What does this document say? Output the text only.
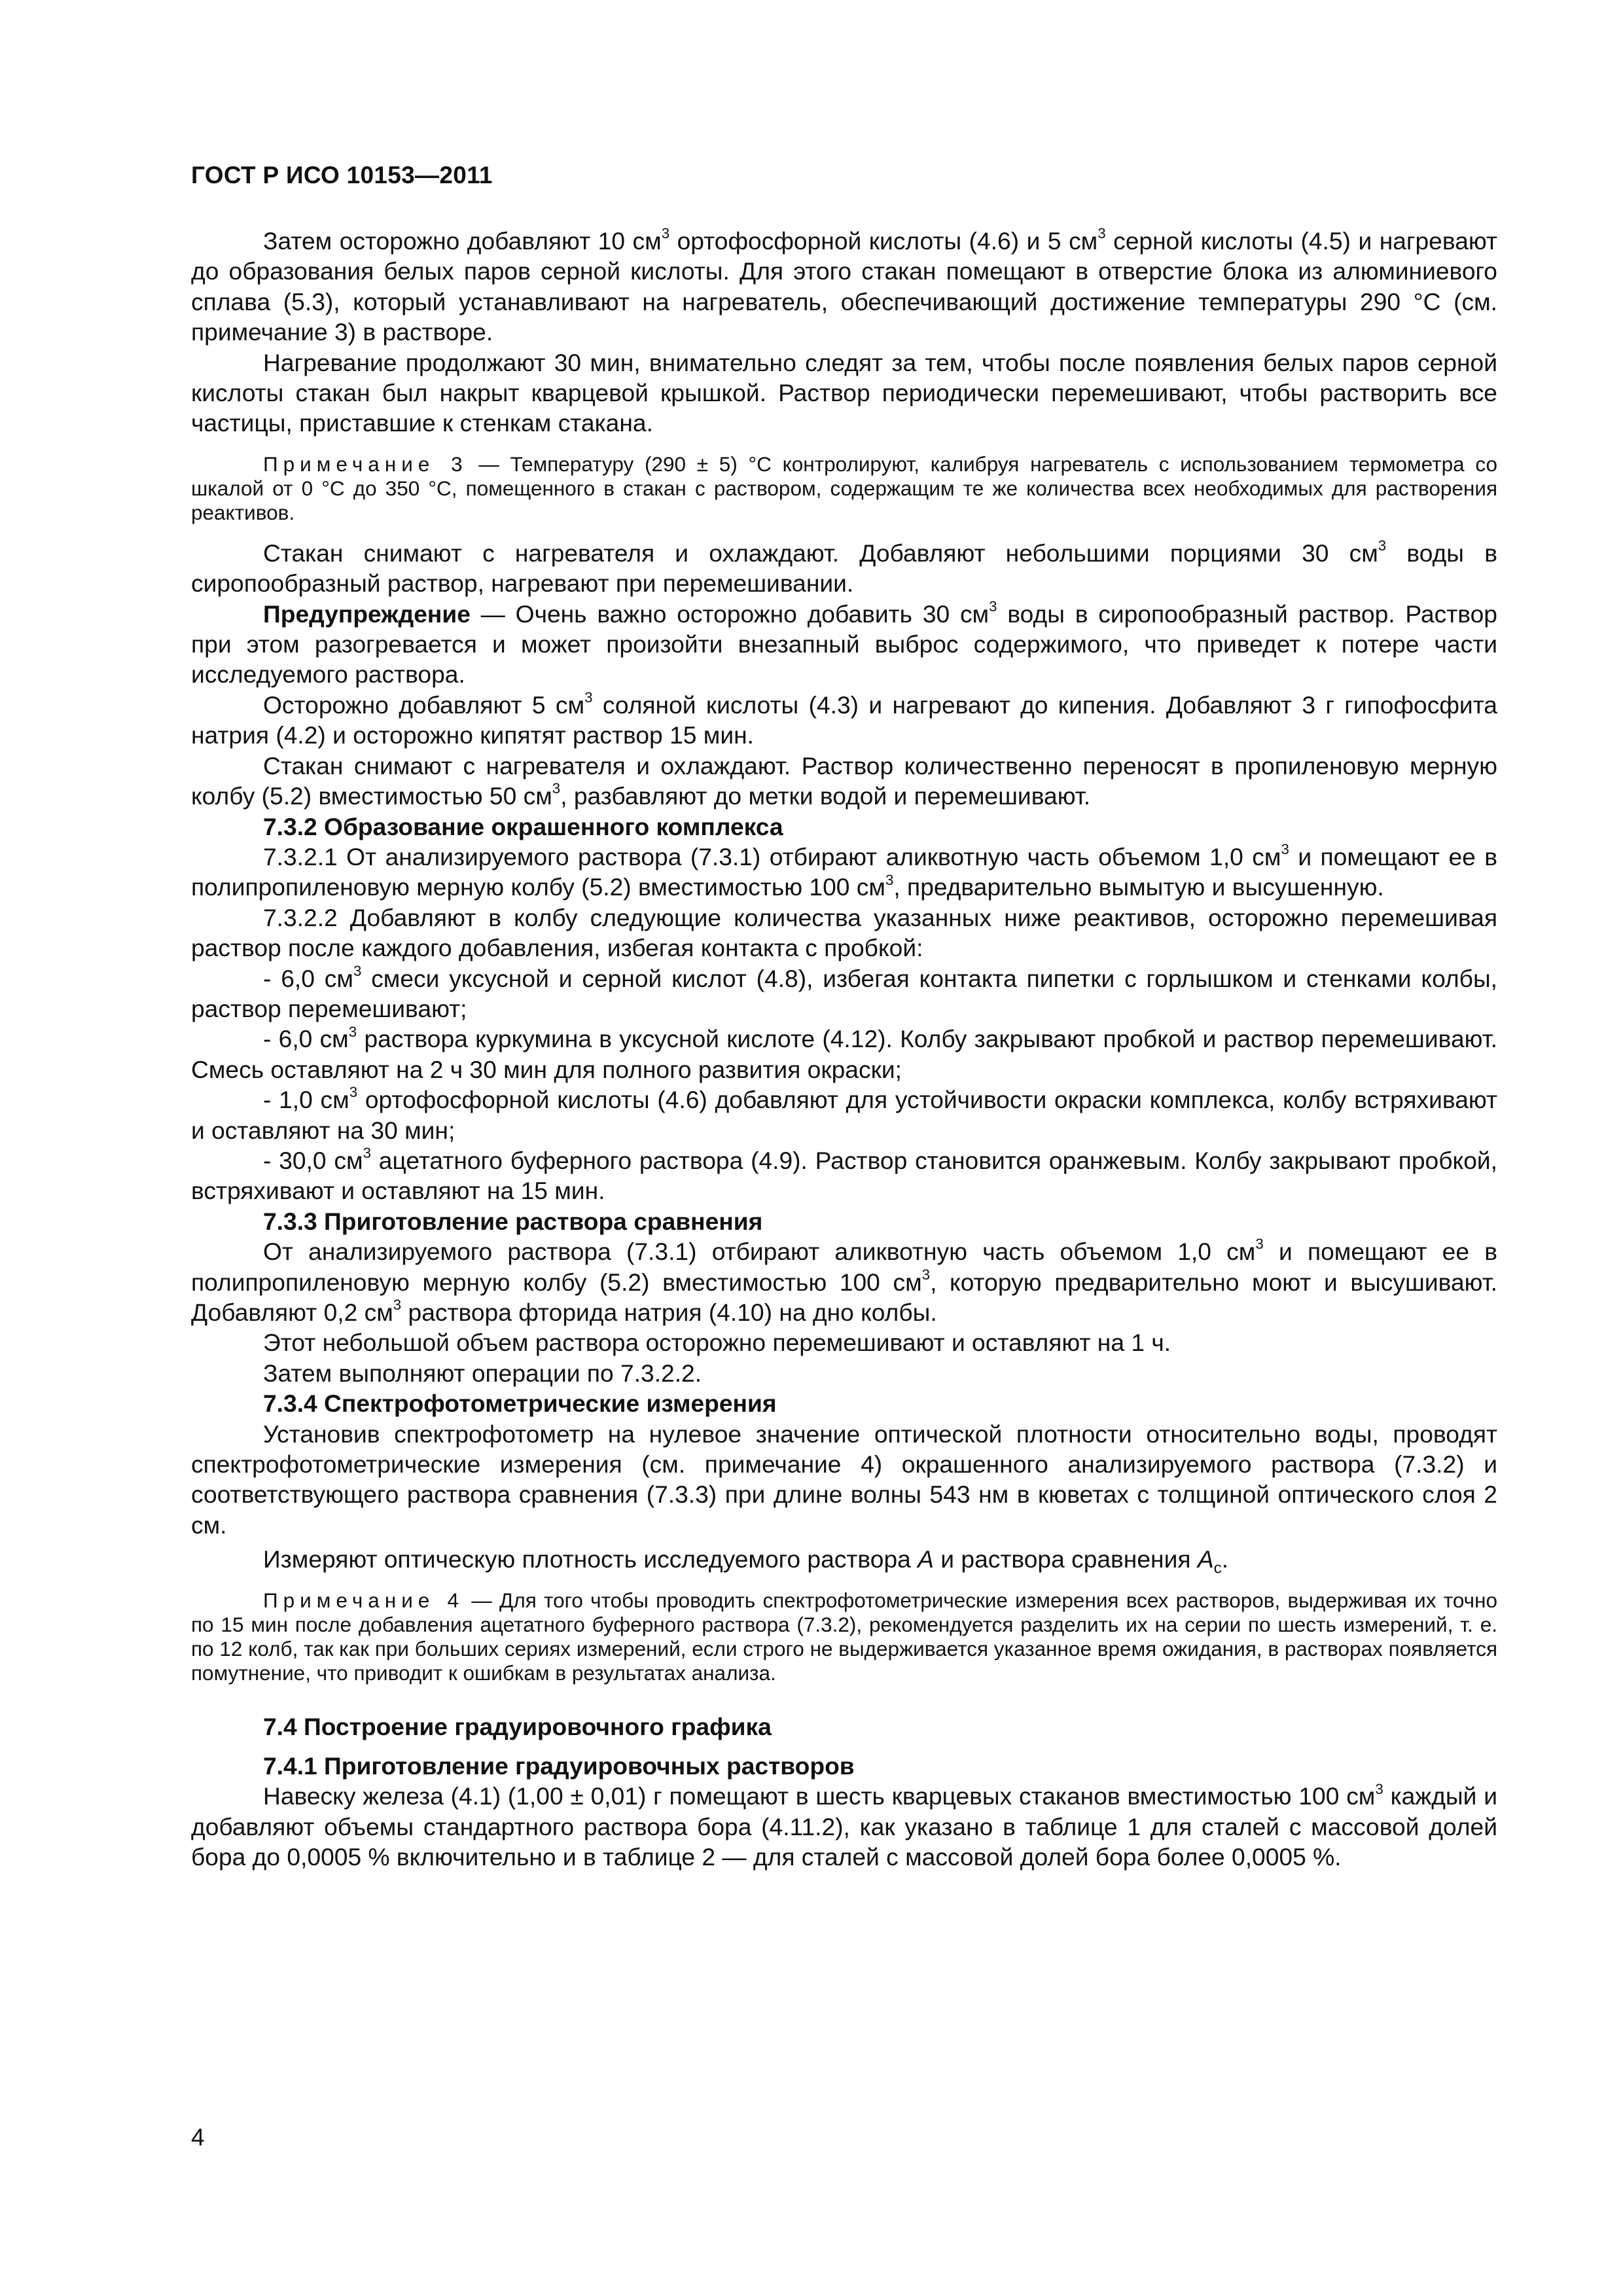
ГОСТ Р ИСО 10153—2011

Затем осторожно добавляют 10 $см^3$ ортофосфорной кислоты (4.6) и 5 $см^3$ серной кислоты (4.5) и нагревают до образования белых паров серной кислоты. Для этого стакан помещают в отверстие блока из алюминиевого сплава (5.3), который устанавливают на нагреватель, обеспечивающий достижение температуры 290 °С (см. примечание 3) в растворе.

Нагревание продолжают 30 мин, внимательно следят за тем, чтобы после появления белых паров серной кислоты стакан был накрыт кварцевой крышкой. Раствор периодически перемешивают, чтобы растворить все частицы, приставшие к стенкам стакана.

Примечание 3 — Температуру (290 ± 5) °С контролируют, калибруя нагреватель с использованием термометра со шкалой от 0 °С до 350 °С, помещенного в стакан с раствором, содержащим те же количества всех необходимых для растворения реактивов.

Стакан снимают с нагревателя и охлаждают. Добавляют небольшими порциями 30 $см^3$ воды в сиропообразный раствор, нагревают при перемешивании.

Предупреждение — Очень важно осторожно добавить 30 $см^3$ воды в сиропообразный раствор. Раствор при этом разогревается и может произойти внезапный выброс содержимого, что приведет к потере части исследуемого раствора.

Осторожно добавляют 5 $см^3$ соляной кислоты (4.3) и нагревают до кипения. Добавляют 3 г гипофосфита натрия (4.2) и осторожно кипятят раствор 15 мин.

Стакан снимают с нагревателя и охлаждают. Раствор количественно переносят в пропиленовую мерную колбу (5.2) вместимостью 50 $см^3$, разбавляют до метки водой и перемешивают.

7.3.2 Образование окрашенного комплекса

7.3.2.1 От анализируемого раствора (7.3.1) отбирают аликвотную часть объемом 1,0 $см^3$ и помещают ее в полипропиленовую мерную колбу (5.2) вместимостью 100 $см^3$, предварительно вымытую и высушенную.

7.3.2.2 Добавляют в колбу следующие количества указанных ниже реактивов, осторожно перемешивая раствор после каждого добавления, избегая контакта с пробкой:

- 6,0 $см^3$ смеси уксусной и серной кислот (4.8), избегая контакта пипетки с горлышком и стенками колбы, раствор перемешивают;

- 6,0 $см^3$ раствора куркумина в уксусной кислоте (4.12). Колбу закрывают пробкой и раствор перемешивают. Смесь оставляют на 2 ч 30 мин для полного развития окраски;

- 1,0 $см^3$ ортофосфорной кислоты (4.6) добавляют для устойчивости окраски комплекса, колбу встряхивают и оставляют на 30 мин;

- 30,0 $см^3$ ацетатного буферного раствора (4.9). Раствор становится оранжевым. Колбу закрывают пробкой, встряхивают и оставляют на 15 мин.

7.3.3 Приготовление раствора сравнения

От анализируемого раствора (7.3.1) отбирают аликвотную часть объемом 1,0 $см^3$ и помещают ее в полипропиленовую мерную колбу (5.2) вместимостью 100 $см^3$, которую предварительно моют и высушивают. Добавляют 0,2 $см^3$ раствора фторида натрия (4.10) на дно колбы.

Этот небольшой объем раствора осторожно перемешивают и оставляют на 1 ч.

Затем выполняют операции по 7.3.2.2.

7.3.4 Спектрофотометрические измерения

Установив спектрофотометр на нулевое значение оптической плотности относительно воды, проводят спектрофотометрические измерения (см. примечание 4) окрашенного анализируемого раствора (7.3.2) и соответствующего раствора сравнения (7.3.3) при длине волны 543 нм в кюветах с толщиной оптического слоя 2 см.

Измеряют оптическую плотность исследуемого раствора A и раствора сравнения $A_c$.

Примечание 4 — Для того чтобы проводить спектрофотометрические измерения всех растворов, выдерживая их точно по 15 мин после добавления ацетатного буферного раствора (7.3.2), рекомендуется разделить их на серии по шесть измерений, т. е. по 12 колб, так как при больших сериях измерений, если строго не выдерживается указанное время ожидания, в растворах появляется помутнение, что приводит к ошибкам в результатах анализа.

7.4 Построение градуировочного графика

7.4.1 Приготовление градуировочных растворов

Навеску железа (4.1) (1,00 ± 0,01) г помещают в шесть кварцевых стаканов вместимостью 100 $см^3$ каждый и добавляют объемы стандартного раствора бора (4.11.2), как указано в таблице 1 для сталей с массовой долей бора до 0,0005 % включительно и в таблице 2 — для сталей с массовой долей бора более 0,0005 %.

4
